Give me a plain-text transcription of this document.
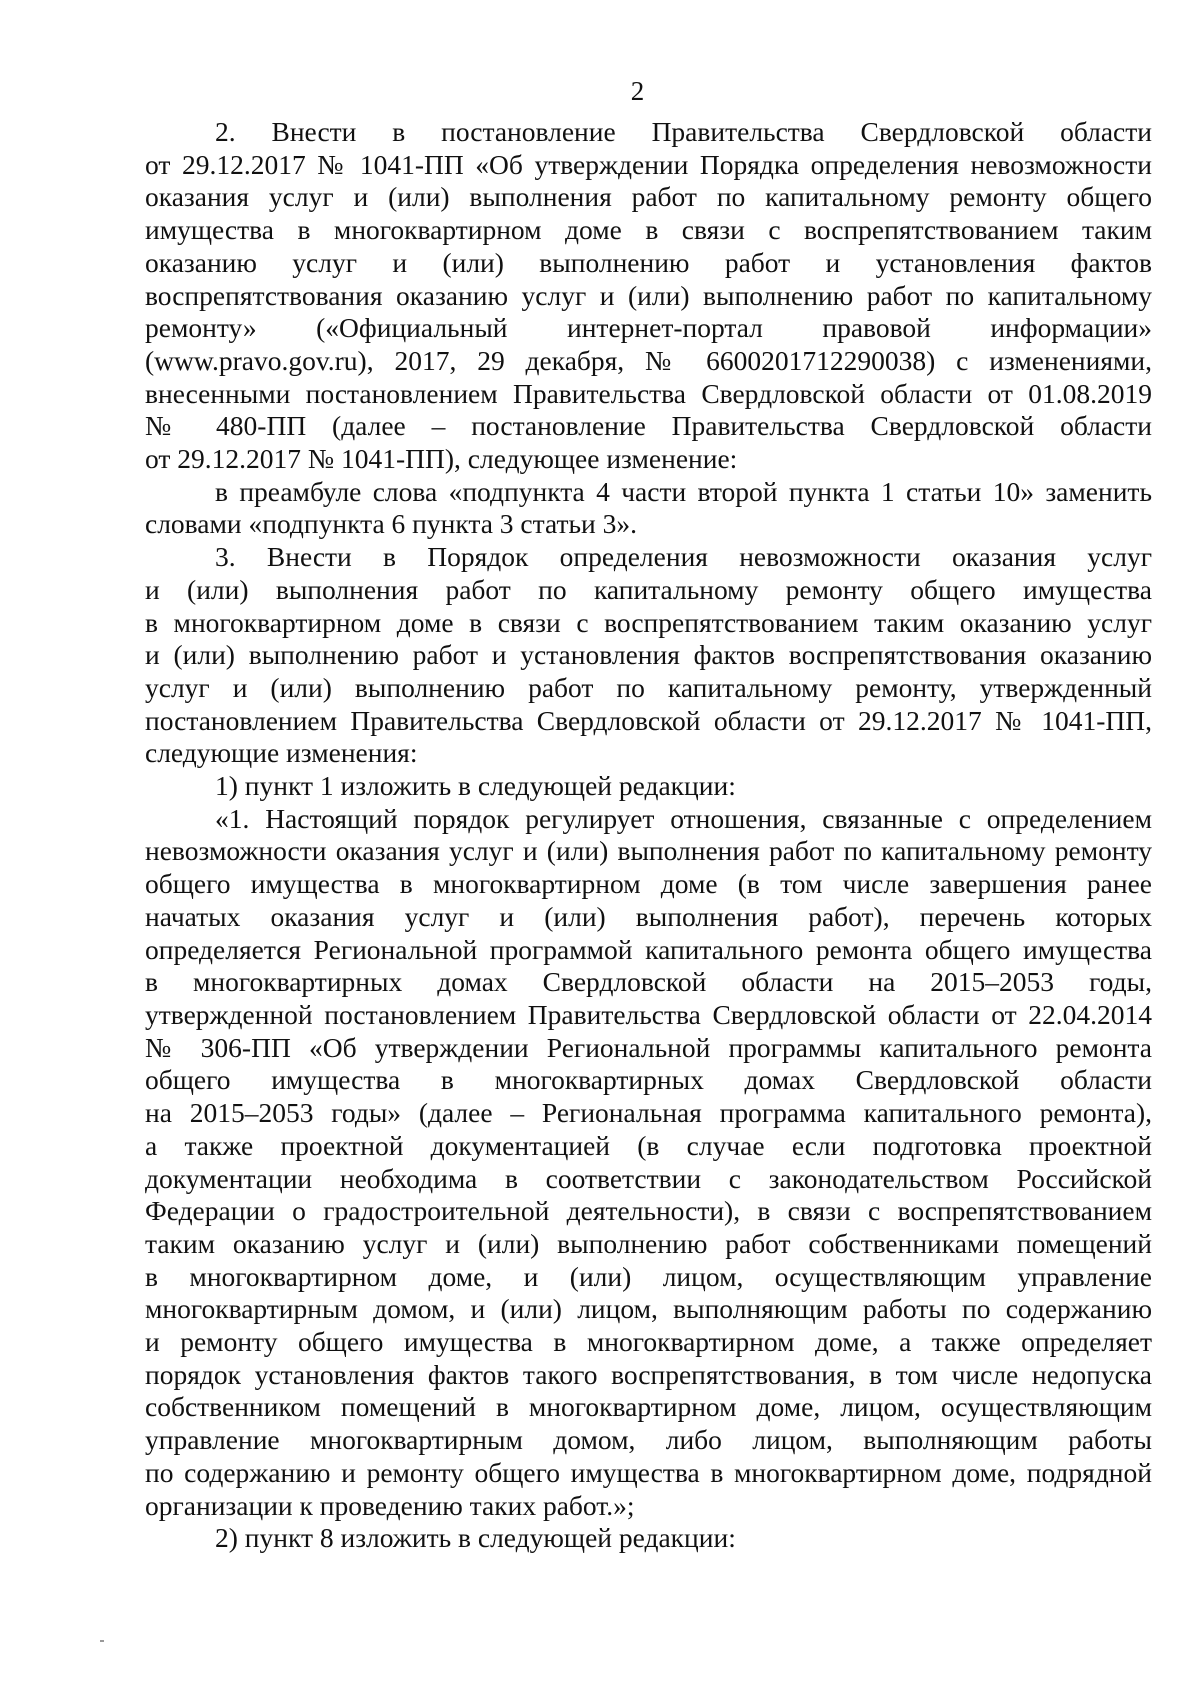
2
2. Внести в постановление Правительства Свердловской области
от 29.12.2017 № 1041-ПП «Об утверждении Порядка определения невозможности
оказания услуг и (или) выполнения работ по капитальному ремонту общего
имущества в многоквартирном доме в связи с воспрепятствованием таким
оказанию услуг и (или) выполнению работ и установления фактов
воспрепятствования оказанию услуг и (или) выполнению работ по капитальному
ремонту» («Официальный интернет-портал правовой информации»
(www.pravo.gov.ru), 2017, 29 декабря, № 6600201712290038) с изменениями,
внесенными постановлением Правительства Свердловской области от 01.08.2019
№ 480-ПП (далее – постановление Правительства Свердловской области
от 29.12.2017 № 1041-ПП), следующее изменение:
в преамбуле слова «подпункта 4 части второй пункта 1 статьи 10» заменить
словами «подпункта 6 пункта 3 статьи 3».
3. Внести в Порядок определения невозможности оказания услуг
и (или) выполнения работ по капитальному ремонту общего имущества
в многоквартирном доме в связи с воспрепятствованием таким оказанию услуг
и (или) выполнению работ и установления фактов воспрепятствования оказанию
услуг и (или) выполнению работ по капитальному ремонту, утвержденный
постановлением Правительства Свердловской области от 29.12.2017 № 1041-ПП,
следующие изменения:
1) пункт 1 изложить в следующей редакции:
«1. Настоящий порядок регулирует отношения, связанные с определением
невозможности оказания услуг и (или) выполнения работ по капитальному ремонту
общего имущества в многоквартирном доме (в том числе завершения ранее
начатых оказания услуг и (или) выполнения работ), перечень которых
определяется Региональной программой капитального ремонта общего имущества
в многоквартирных домах Свердловской области на 2015–2053 годы,
утвержденной постановлением Правительства Свердловской области от 22.04.2014
№ 306-ПП «Об утверждении Региональной программы капитального ремонта
общего имущества в многоквартирных домах Свердловской области
на 2015–2053 годы» (далее – Региональная программа капитального ремонта),
а также проектной документацией (в случае если подготовка проектной
документации необходима в соответствии с законодательством Российской
Федерации о градостроительной деятельности), в связи с воспрепятствованием
таким оказанию услуг и (или) выполнению работ собственниками помещений
в многоквартирном доме, и (или) лицом, осуществляющим управление
многоквартирным домом, и (или) лицом, выполняющим работы по содержанию
и ремонту общего имущества в многоквартирном доме, а также определяет
порядок установления фактов такого воспрепятствования, в том числе недопуска
собственником помещений в многоквартирном доме, лицом, осуществляющим
управление многоквартирным домом, либо лицом, выполняющим работы
по содержанию и ремонту общего имущества в многоквартирном доме, подрядной
организации к проведению таких работ.»;
2) пункт 8 изложить в следующей редакции:
